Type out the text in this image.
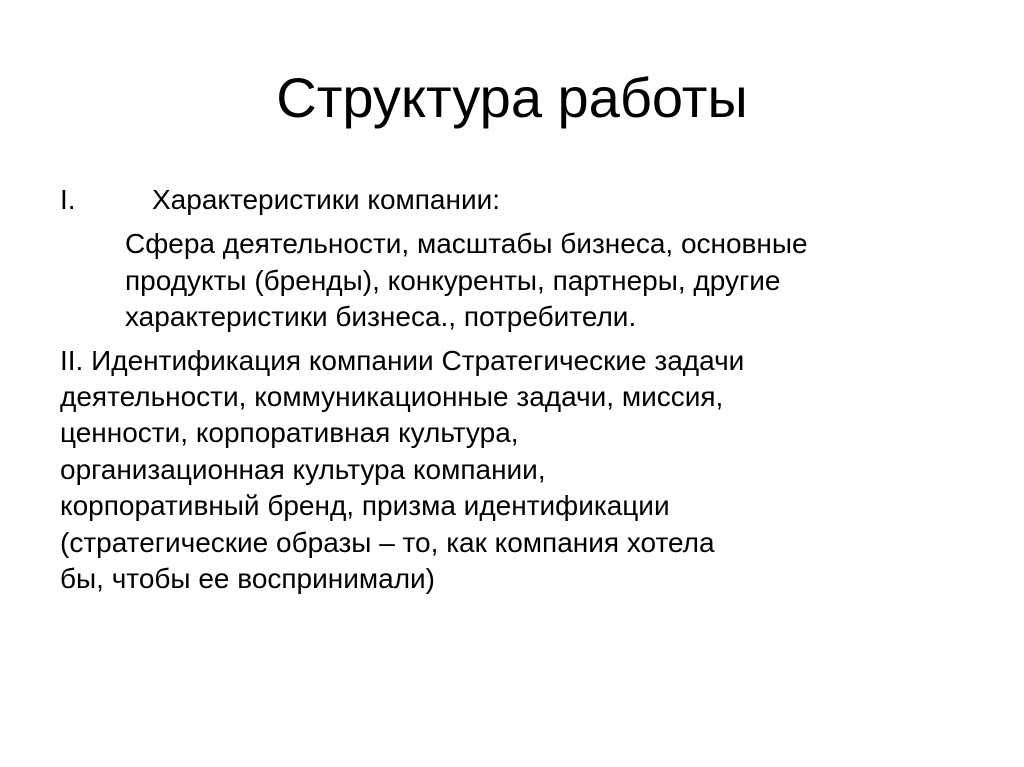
Структура работы
I.	Характеристики компании:
Сфера деятельности, масштабы бизнеса, основные
продукты (бренды), конкуренты, партнеры, другие
характеристики бизнеса., потребители.
II. Идентификация компании Стратегические задачи
деятельности, коммуникационные задачи, миссия,
ценности, корпоративная культура,
организационная культура компании,
корпоративный бренд, призма идентификации
(стратегические образы – то, как компания хотела
бы, чтобы ее воспринимали)
